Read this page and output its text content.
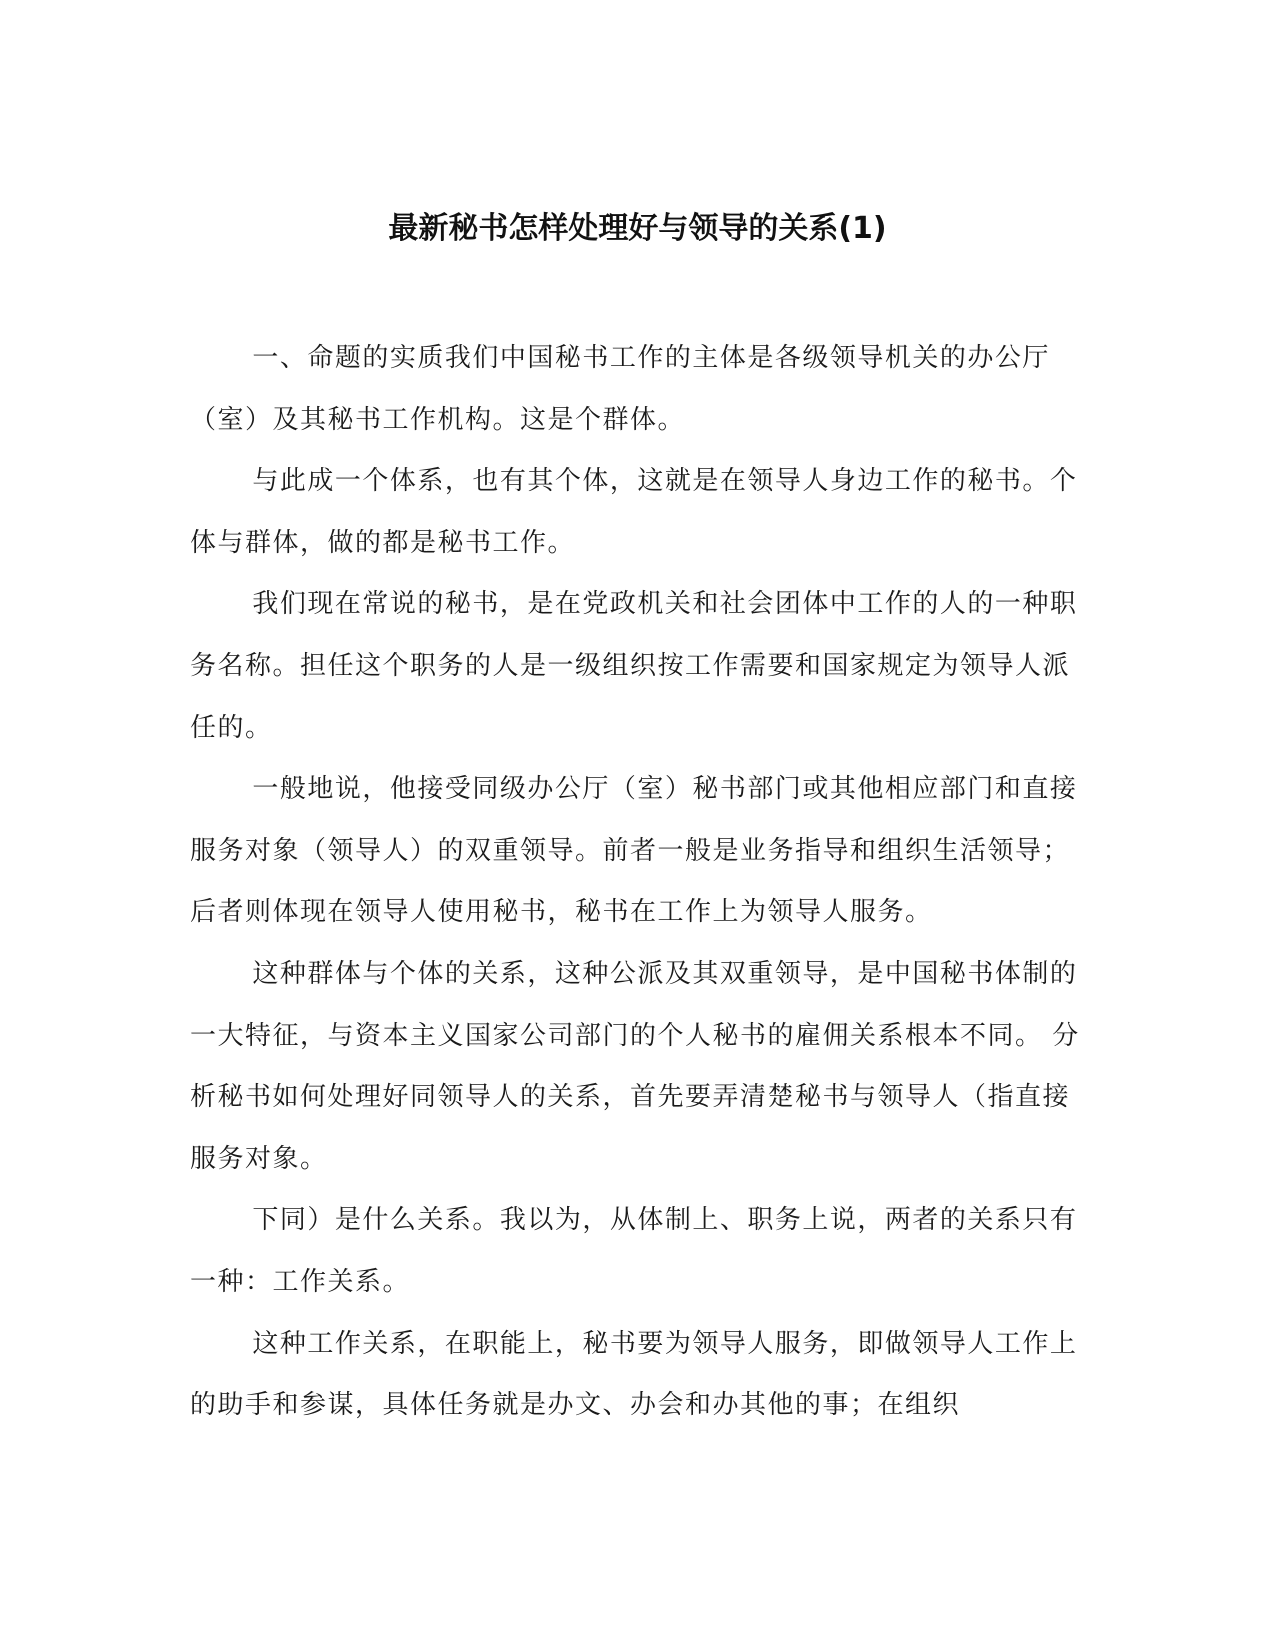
最新秘书怎样处理好与领导的关系(1)

一、命题的实质我们中国秘书工作的主体是各级领导机关的办公厅（室）及其秘书工作机构。这是个群体。

与此成一个体系，也有其个体，这就是在领导人身边工作的秘书。个体与群体，做的都是秘书工作。

我们现在常说的秘书，是在党政机关和社会团体中工作的人的一种职务名称。担任这个职务的人是一级组织按工作需要和国家规定为领导人派任的。

一般地说，他接受同级办公厅（室）秘书部门或其他相应部门和直接服务对象（领导人）的双重领导。前者一般是业务指导和组织生活领导；后者则体现在领导人使用秘书，秘书在工作上为领导人服务。

这种群体与个体的关系，这种公派及其双重领导，是中国秘书体制的一大特征，与资本主义国家公司部门的个人秘书的雇佣关系根本不同。 分析秘书如何处理好同领导人的关系，首先要弄清楚秘书与领导人（指直接服务对象。

下同）是什么关系。我以为，从体制上、职务上说，两者的关系只有一种：工作关系。

这种工作关系，在职能上，秘书要为领导人服务，即做领导人工作上的助手和参谋，具体任务就是办文、办会和办其他的事；在组织
